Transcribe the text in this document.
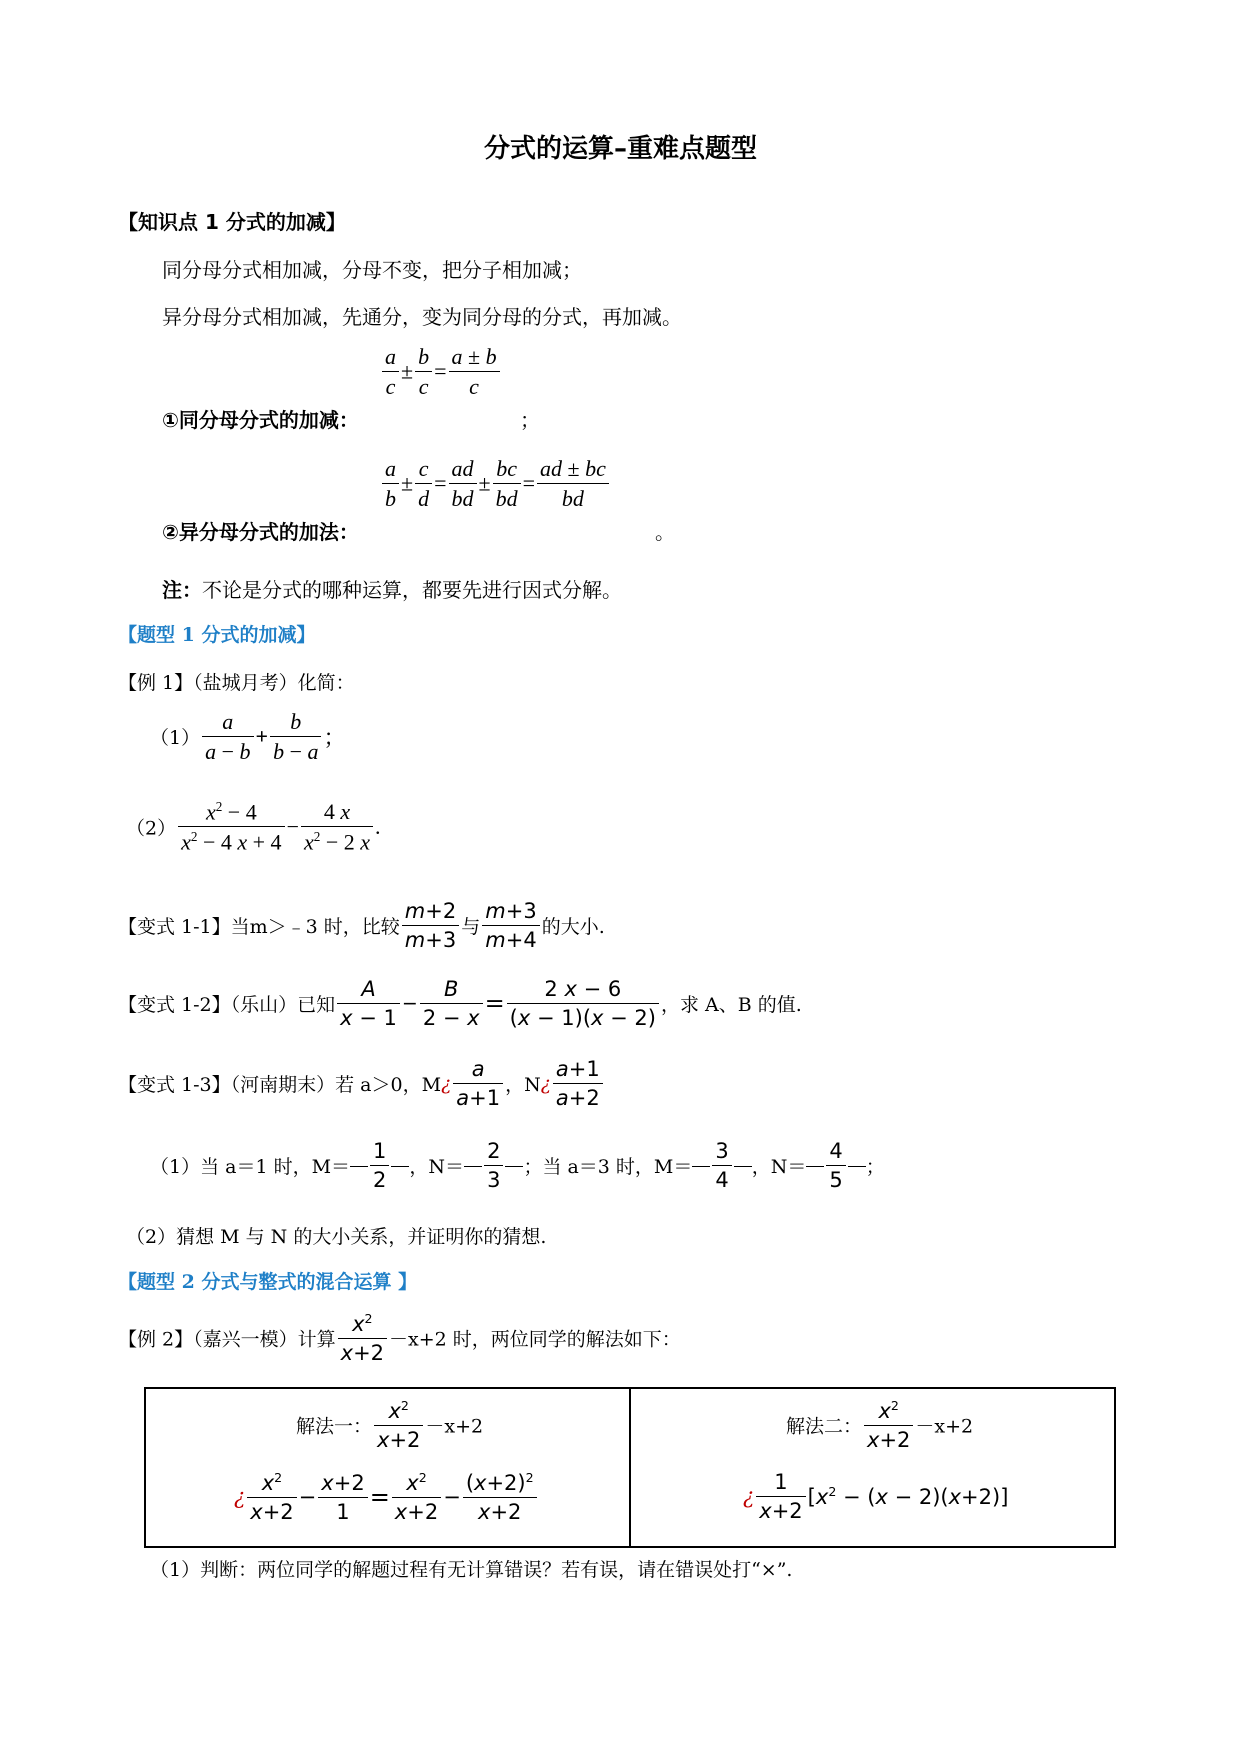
分式的运算–重难点题型
【知识点 1 分式的加减】
同分母分式相加减，分母不变，把分子相加减；
异分母分式相加减，先通分，变为同分母的分式，再加减。
①同分母分式的加减：
$\frac{a}{c} \pm \frac{b}{c} = \frac{a \pm b}{c}$
；
②异分母分式的加法：
$\frac{a}{b} \pm \frac{c}{d} = \frac{ad}{bd} \pm \frac{bc}{bd} = \frac{ad \pm bc}{bd}$
。
注：不论是分式的哪种运算，都要先进行因式分解。
【题型 1 分式的加减】
【例 1】（盐城月考）化简：
$(1) \frac{a}{a - b} + \frac{b}{b - a}$ ；
$(2) \frac{x^2 - 4}{x^2 - 4 x + 4} - \frac{4 x}{x^2 - 2 x}$ .
【变式 1-1】当m＞﹣3 时，比较 $\frac{m+2}{m+3}$ 与 $\frac{m+3}{m+4}$ 的大小.
【变式 1-2】（乐山）已知 $\frac{A}{x - 1} - \frac{B}{2 - x} = \frac{2 x - 6}{(x - 1)(x - 2)}$ ，求 A、B 的值.
【变式 1-3】（河南期末）若 a＞0，M¿ $\frac{a}{a+1}$ ，N¿ $\frac{a+1}{a+2}$
（1）当 a＝1 时，$M= \frac{1}{2}$ ，$N= \frac{2}{3}$ ；当 a＝3 时，$M= \frac{3}{4}$ ，$N= \frac{4}{5}$ ；
（2）猜想 M 与 N 的大小关系，并证明你的猜想.
【题型 2 分式与整式的混合运算 】
【例 2】（嘉兴一模）计算 $\frac{x^2}{x+2} -x+2$ 时，两位同学的解法如下：
解法一： $\frac{x^2}{x+2} -x+2$
¿ $\frac{x^2}{x+2} - \frac{x+2}{1} = \frac{x^2}{x+2} - \frac{(x+2)^2}{x+2}$

解法二： $\frac{x^2}{x+2} -x+2$
¿ $\frac{1}{x+2} [x^2 - (x - 2)(x+2)]$
（1）判断：两位同学的解题过程有无计算错误？若有误，请在错误处打“×”.
